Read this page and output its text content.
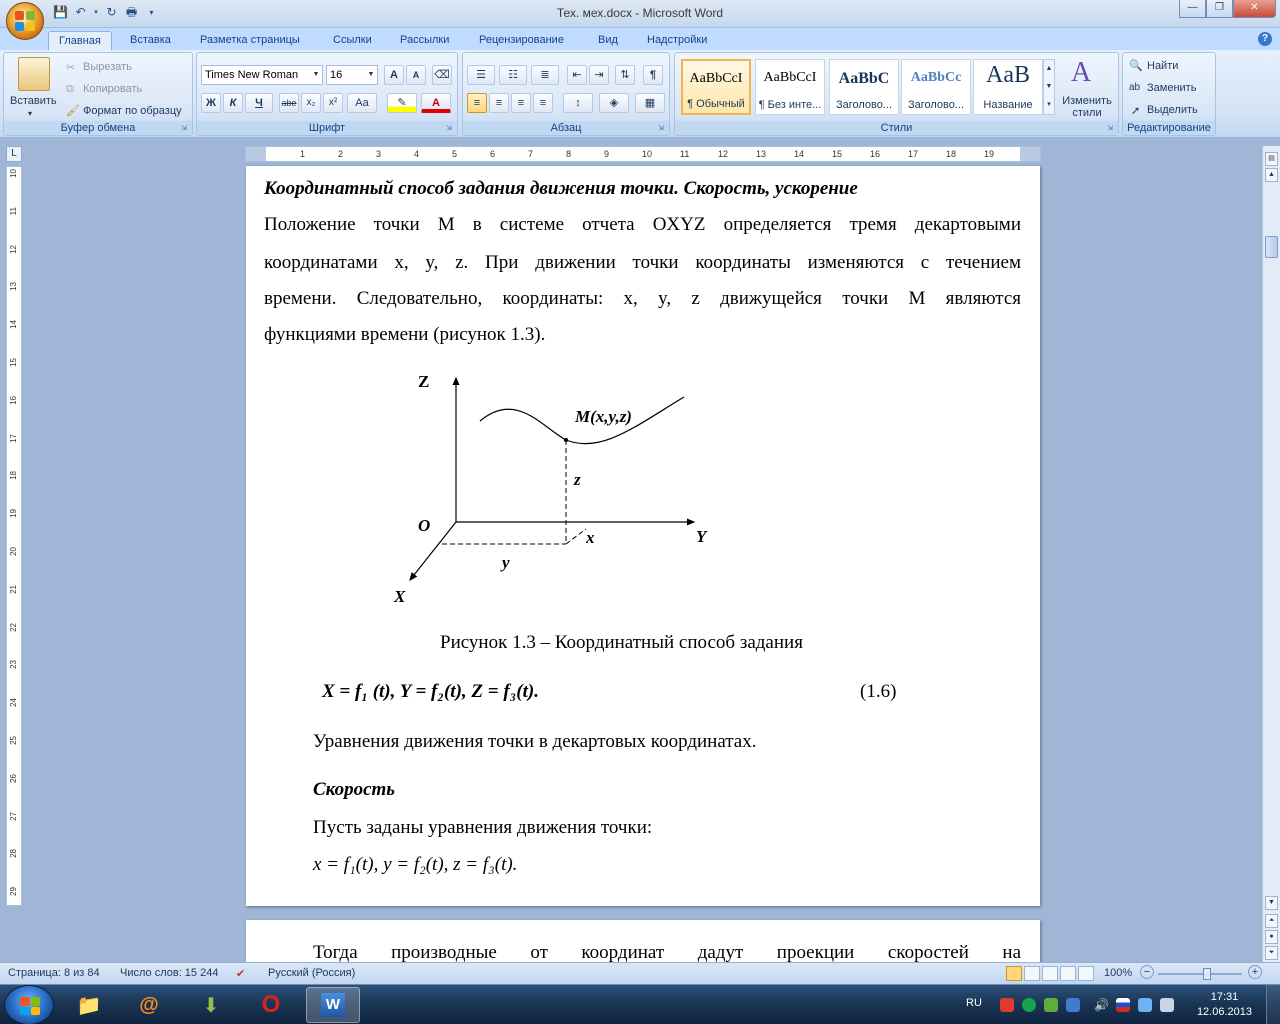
💾 ↶	▾ ↻ 🖶	▾	Тех. мех.docx - Microsoft Word	—	❐	✕
Главная	Вставка	Разметка страницы	Ссылки	Рассылки	Рецензирование	Вид	Надстройки	?
Вставить
▾
✂ Вырезать
⧉ Копировать
🖌 Формат по образцу
Буфер обмена	⇲
Times New Roman	▼ 16	▼	A	A	⌫
Ж	К	Ч	abe	x₂	x²	Aa	✎	A
Шрифт	⇲
☰	☷	≣	⇤	⇥	⇅	¶
≡	≡	≡	≡	↕	◈	▦
Абзац	⇲
AaBbCcI
¶ Обычный
AaBbCcI
¶ Без инте...
AaBbC
Заголово...
AaBbCc
Заголово...
AaB
Название
▲
▼
▾
A
Изменить стили
Стили	⇲
🔍 Найти
ab Заменить
➚ Выделить
Редактирование
L	1	2	3	4	5	6	7	8	9	10	11	12	13	14	15	16	17	18	19
10
11
12
13
14
15
16
17
18
19
20
21
22
23
24
25
26
27
28
29
Координатный способ задания движения точки. Скорость, ускорение
Положение точки M в системе отчета OXYZ определяется тремя декартовыми
координатами x, y, z. При движении точки координаты изменяются с течением
времени. Следовательно, координаты: x, y, z движущейся точки M являются
функциями времени (рисунок 1.3).
Z
Y
X
O
M(x,y,z)
z
x
y
Рисунок 1.3 – Координатный способ задания
X = f₁ (t), Y = f₂(t), Z = f₃(t).	(1.6)
Уравнения движения точки в декартовых координатах.
Скорость
Пусть заданы уравнения движения точки:
x = f₁(t), y = f₂(t), z = f₃(t).
Тогда производные от координат дадут проекции скоростей на
▤
▲
▼
⏶
●
⏷
Страница: 8 из 84 Число слов: 15 244 ✔ Русский (Россия)	100%	−	+
📁	@	⬇	O	W	RU	🔊
17:31
12.06.2013
